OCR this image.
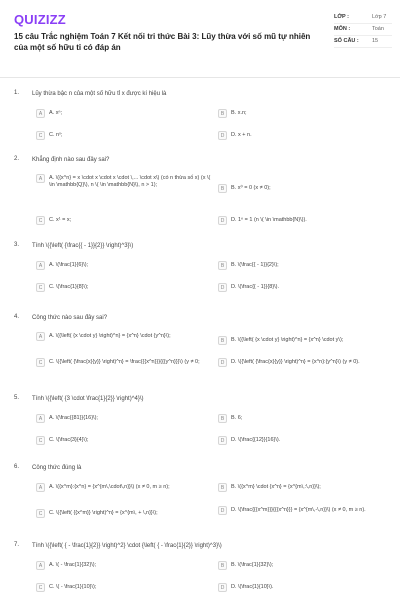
QUIZIZZ
15 câu Trắc nghiệm Toán 7 Kết nối tri thức Bài 3: Lũy thừa với số mũ tự nhiên của một số hữu tỉ có đáp án
LỚP :	Lớp 7
MÔN :	Toán
SỐ CÂU : 15
1. Lũy thừa bậc n của một số hữu tỉ x được kí hiệu là
A	A. xⁿ;	B	B. x.n;
C	C. nˣ;	D	D. x + n.
2. Khẳng định nào sau đây sai?
A	A. \({x^n} = x \cdot x \cdot x \cdot \,... \cdot x\) (có n thừa số x) (x \( \in \mathbb{Q}\), n \( \in \mathbb{N}\), n > 1);
B	B. x⁰ = 0 (x ≠ 0);
C	C. x¹ = x;	D	D. 1ⁿ = 1 (n \( \in \mathbb{N}\)).
3. Tính \({\left( {\frac{{ - 1}}{2}} \right)^3}\)
A	A. \(\frac{1}{6}\);	B	B. \(\frac{{ - 1}}{2}\);
C	C. \(\frac{1}{8}\);	D	D. \(\frac{{ - 1}}{8}\).
4. Công thức nào sau đây sai?
A	A. \({\left( {x \cdot y} \right)^n} = {x^n} \cdot {y^n}\);
B	B. \({\left( {x \cdot y} \right)^n} = {x^n} \cdot y\);
C	C. \({\left( {\frac{x}{y}} \right)^n} = \frac{{{x^n}}}{{{y^n}}}\) (y ≠ 0;	D	D. \({\left( {\frac{x}{y}} \right)^n} = {x^n}:{y^n}\) (y ≠ 0).
5. Tính \({\left( {3 \cdot \frac{1}{2}} \right)^4}\)
A	A. \(\frac{{81}}{16}\);	B	B. 6;
C	C. \(\frac{3}{4}\);	D	D. \(\frac{{12}}{16}\).
6. Công thức đúng là
A	A. \({x^m}:{x^n} = {x^{m\,\cdot\,n}}\) (x ≠ 0, m ≥ n);	B	B. \({x^m} \cdot {x^n} = {x^{m\,:\,n}}\);
C	C. \({\left( {{x^m}} \right)^n} = {x^{m\, + \,n}}\);	D	D. \(\frac{{{x^m}}}{{{x^n}}} = {x^{m\,-\,n}}\) (x ≠ 0, m ≥ n).
7. Tính \({\left( { - \frac{1}{2}} \right)^2} \cdot {\left( { - \frac{1}{2}} \right)^3}\)
A	A. \( - \frac{1}{32}\);	B	B. \(\frac{1}{32}\);
C	C. \( - \frac{1}{10}\);	D	D. \(\frac{1}{10}\).
